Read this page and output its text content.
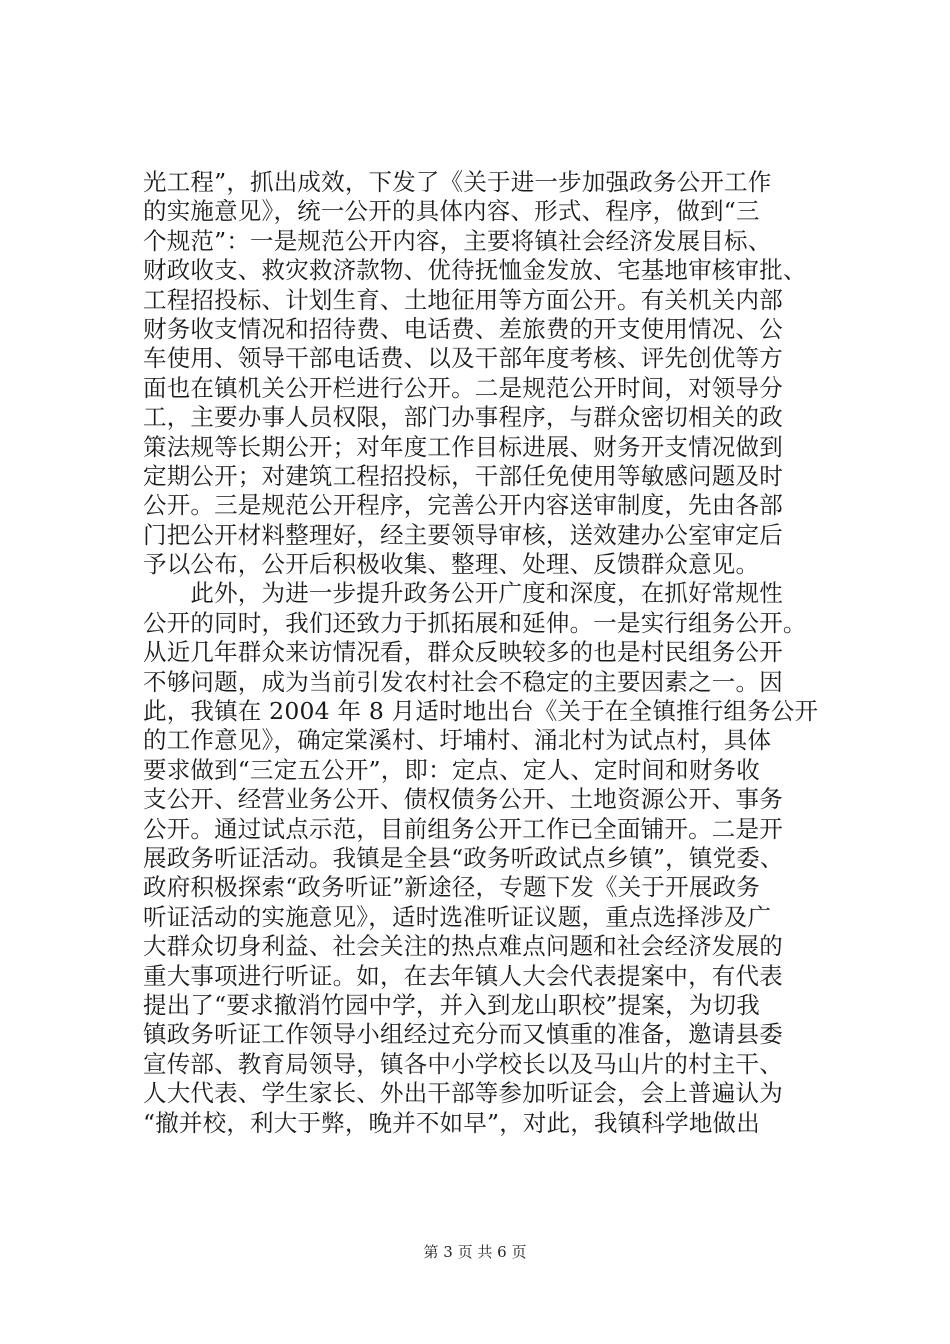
光工程”，抓出成效，下发了《关于进一步加强政务公开工作
的实施意见》，统一公开的具体内容、形式、程序，做到“三
个规范”：一是规范公开内容，主要将镇社会经济发展目标、
财政收支、救灾救济款物、优待抚恤金发放、宅基地审核审批、
工程招投标、计划生育、土地征用等方面公开。有关机关内部
财务收支情况和招待费、电话费、差旅费的开支使用情况、公
车使用、领导干部电话费、以及干部年度考核、评先创优等方
面也在镇机关公开栏进行公开。二是规范公开时间，对领导分
工，主要办事人员权限，部门办事程序，与群众密切相关的政
策法规等长期公开；对年度工作目标进展、财务开支情况做到
定期公开；对建筑工程招投标，干部任免使用等敏感问题及时
公开。三是规范公开程序，完善公开内容送审制度，先由各部
门把公开材料整理好，经主要领导审核，送效建办公室审定后
予以公布，公开后积极收集、整理、处理、反馈群众意见。
　　此外，为进一步提升政务公开广度和深度，在抓好常规性
公开的同时，我们还致力于抓拓展和延伸。一是实行组务公开。
从近几年群众来访情况看，群众反映较多的也是村民组务公开
不够问题，成为当前引发农村社会不稳定的主要因素之一。因
此，我镇在 2004 年 8 月适时地出台《关于在全镇推行组务公开
的工作意见》，确定棠溪村、圩埔村、涌北村为试点村，具体
要求做到“三定五公开”，即：定点、定人、定时间和财务收
支公开、经营业务公开、债权债务公开、土地资源公开、事务
公开。通过试点示范，目前组务公开工作已全面铺开。二是开
展政务听证活动。我镇是全县“政务听政试点乡镇”，镇党委、
政府积极探索“政务听证”新途径，专题下发《关于开展政务
听证活动的实施意见》，适时选准听证议题，重点选择涉及广
大群众切身利益、社会关注的热点难点问题和社会经济发展的
重大事项进行听证。如，在去年镇人大会代表提案中，有代表
提出了“要求撤消竹园中学，并入到龙山职校”提案，为切我
镇政务听证工作领导小组经过充分而又慎重的准备，邀请县委
宣传部、教育局领导，镇各中小学校长以及马山片的村主干、
人大代表、学生家长、外出干部等参加听证会，会上普遍认为
“撤并校，利大于弊，晚并不如早”，对此，我镇科学地做出
第 3 页 共 6 页
